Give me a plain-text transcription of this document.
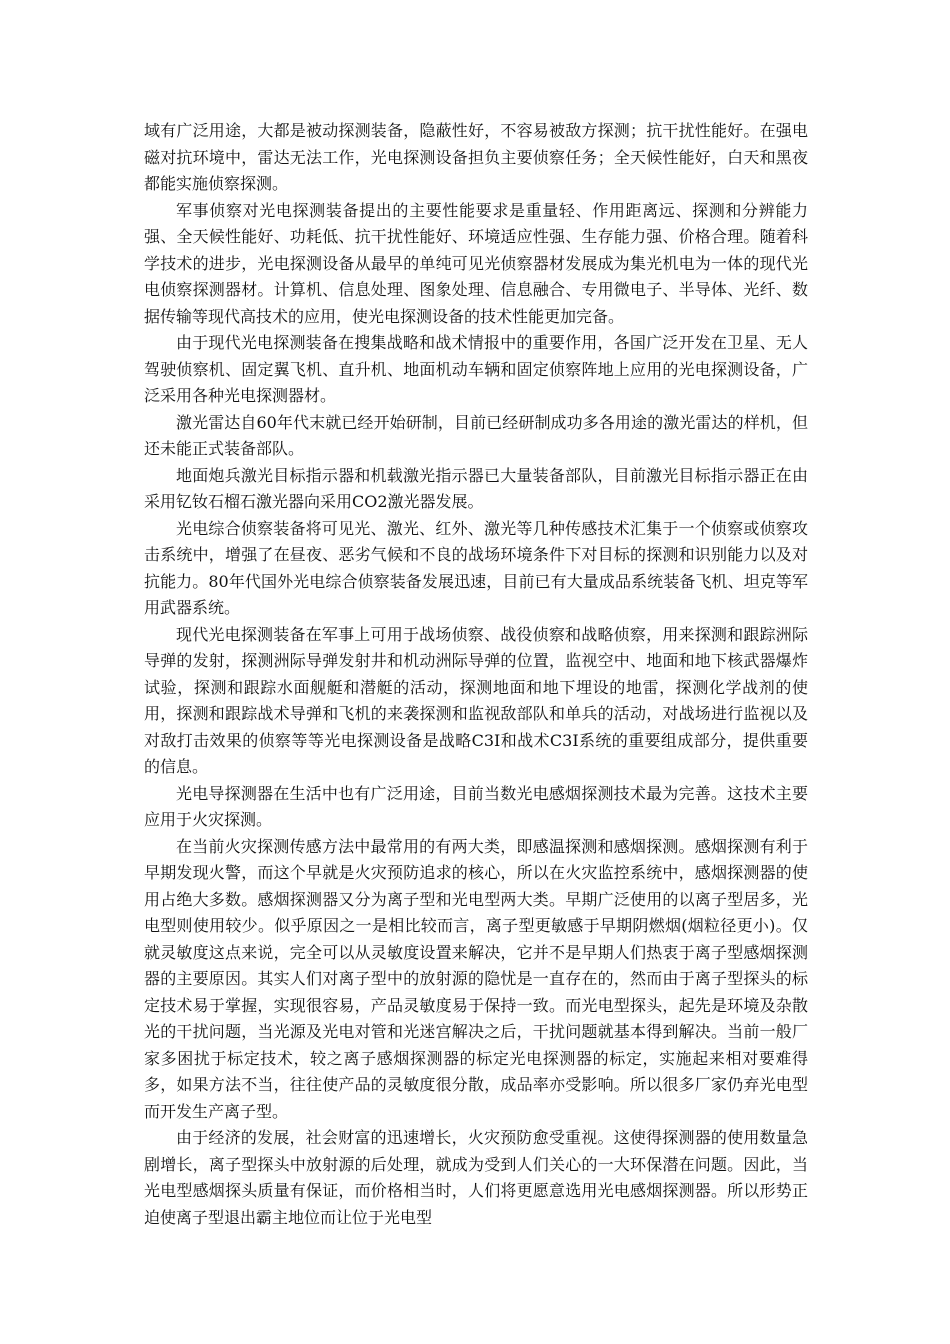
域有广泛用途，大都是被动探测装备，隐蔽性好，不容易被敌方探测；抗干扰性能好。在强电磁对抗环境中，雷达无法工作，光电探测设备担负主要侦察任务；全天候性能好，白天和黑夜都能实施侦察探测。

军事侦察对光电探测装备提出的主要性能要求是重量轻、作用距离远、探测和分辨能力强、全天候性能好、功耗低、抗干扰性能好、环境适应性强、生存能力强、价格合理。随着科学技术的进步，光电探测设备从最早的单纯可见光侦察器材发展成为集光机电为一体的现代光电侦察探测器材。计算机、信息处理、图象处理、信息融合、专用微电子、半导体、光纤、数据传输等现代高技术的应用，使光电探测设备的技术性能更加完备。

由于现代光电探测装备在搜集战略和战术情报中的重要作用，各国广泛开发在卫星、无人驾驶侦察机、固定翼飞机、直升机、地面机动车辆和固定侦察阵地上应用的光电探测设备，广泛采用各种光电探测器材。

激光雷达自60年代末就已经开始研制，目前已经研制成功多各用途的激光雷达的样机，但还未能正式装备部队。

地面炮兵激光目标指示器和机载激光指示器已大量装备部队，目前激光目标指示器正在由采用钇钕石榴石激光器向采用CO2激光器发展。

光电综合侦察装备将可见光、激光、红外、激光等几种传感技术汇集于一个侦察或侦察攻击系统中，增强了在昼夜、恶劣气候和不良的战场环境条件下对目标的探测和识别能力以及对抗能力。80年代国外光电综合侦察装备发展迅速，目前已有大量成品系统装备飞机、坦克等军用武器系统。

现代光电探测装备在军事上可用于战场侦察、战役侦察和战略侦察，用来探测和跟踪洲际导弹的发射，探测洲际导弹发射井和机动洲际导弹的位置，监视空中、地面和地下核武器爆炸试验，探测和跟踪水面舰艇和潜艇的活动，探测地面和地下埋设的地雷，探测化学战剂的使用，探测和跟踪战术导弹和飞机的来袭探测和监视敌部队和单兵的活动，对战场进行监视以及对敌打击效果的侦察等等光电探测设备是战略C3I和战术C3I系统的重要组成部分，提供重要的信息。

光电导探测器在生活中也有广泛用途，目前当数光电感烟探测技术最为完善。这技术主要应用于火灾探测。

在当前火灾探测传感方法中最常用的有两大类，即感温探测和感烟探测。感烟探测有利于早期发现火警，而这个早就是火灾预防追求的核心，所以在火灾监控系统中，感烟探测器的使用占绝大多数。感烟探测器又分为离子型和光电型两大类。早期广泛使用的以离子型居多，光电型则使用较少。似乎原因之一是相比较而言，离子型更敏感于早期阴燃烟(烟粒径更小)。仅就灵敏度这点来说，完全可以从灵敏度设置来解决，它并不是早期人们热衷于离子型感烟探测器的主要原因。其实人们对离子型中的放射源的隐忧是一直存在的，然而由于离子型探头的标定技术易于掌握，实现很容易，产品灵敏度易于保持一致。而光电型探头，起先是环境及杂散光的干扰问题，当光源及光电对管和光迷宫解决之后，干扰问题就基本得到解决。当前一般厂家多困扰于标定技术，较之离子感烟探测器的标定光电探测器的标定，实施起来相对要难得多，如果方法不当，往往使产品的灵敏度很分散，成品率亦受影响。所以很多厂家仍弃光电型而开发生产离子型。

由于经济的发展，社会财富的迅速增长，火灾预防愈受重视。这使得探测器的使用数量急剧增长，离子型探头中放射源的后处理，就成为受到人们关心的一大环保潜在问题。因此，当光电型感烟探头质量有保证，而价格相当时，人们将更愿意选用光电感烟探测器。所以形势正迫使离子型退出霸主地位而让位于光电型
